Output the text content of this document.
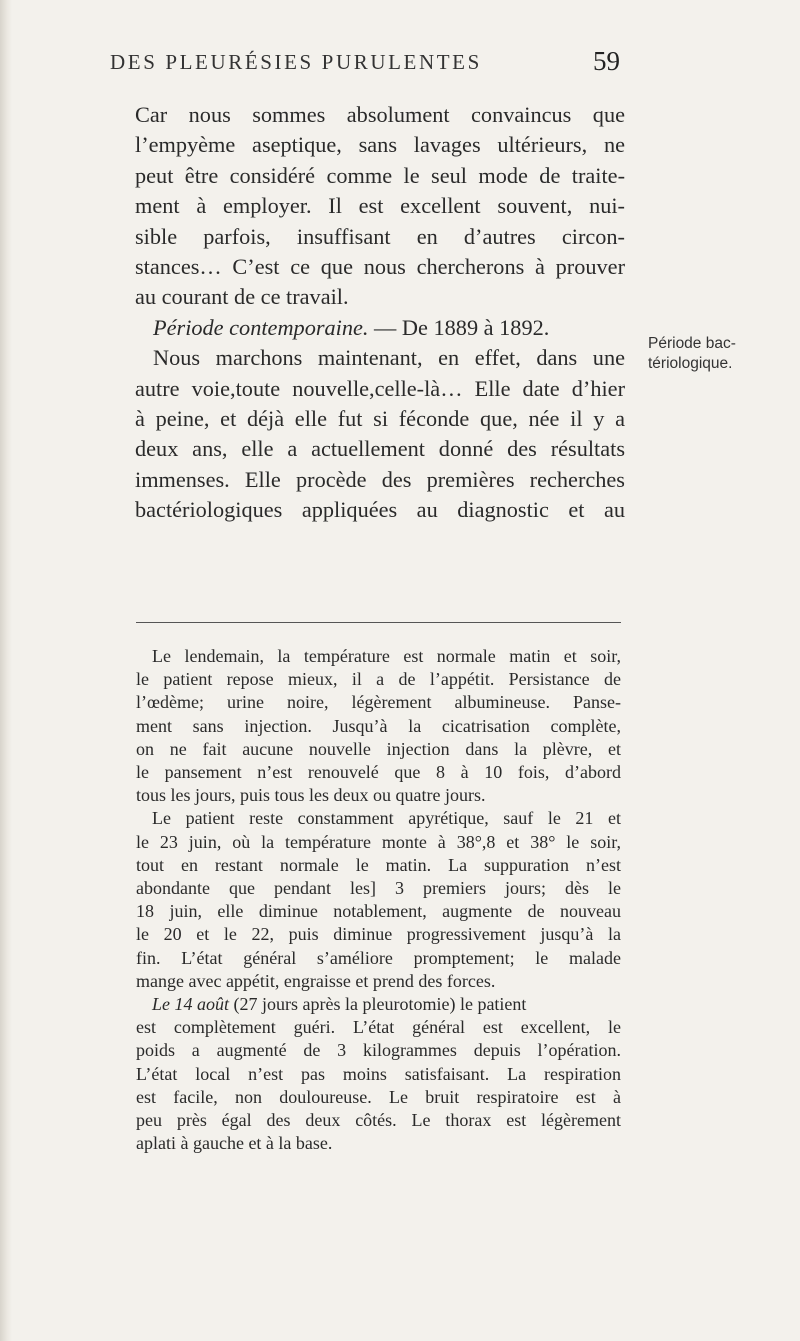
DES PLEURÉSIES PURULENTES	59
Car nous sommes absolument convaincus que
l’empyème aseptique, sans lavages ultérieurs, ne
peut être considéré comme le seul mode de traite-
ment à employer. Il est excellent souvent, nui-
sible parfois, insuffisant en d’autres circon-
stances… C’est ce que nous chercherons à prouver
au courant de ce travail.
Période contemporaine. — De 1889 à 1892.
Nous marchons maintenant, en effet, dans une
autre voie,toute nouvelle,celle-là… Elle date d’hier
à peine, et déjà elle fut si féconde que, née il y a
deux ans, elle a actuellement donné des résultats
immenses. Elle procède des premières recherches
bactériologiques appliquées au diagnostic et au
Période bac-
tériologique.
Le lendemain, la température est normale matin et soir,
le patient repose mieux, il a de l’appétit. Persistance de
l’œdème; urine noire, légèrement albumineuse. Panse-
ment sans injection. Jusqu’à la cicatrisation complète,
on ne fait aucune nouvelle injection dans la plèvre, et
le pansement n’est renouvelé que 8 à 10 fois, d’abord
tous les jours, puis tous les deux ou quatre jours.
Le patient reste constamment apyrétique, sauf le 21 et
le 23 juin, où la température monte à 38°,8 et 38° le soir,
tout en restant normale le matin. La suppuration n’est
abondante que pendant les] 3 premiers jours; dès le
18 juin, elle diminue notablement, augmente de nouveau
le 20 et le 22, puis diminue progressivement jusqu’à la
fin. L’état général s’améliore promptement; le malade
mange avec appétit, engraisse et prend des forces.
Le 14 août (27 jours après la pleurotomie) le patient
est complètement guéri. L’état général est excellent, le
poids a augmenté de 3 kilogrammes depuis l’opération.
L’état local n’est pas moins satisfaisant. La respiration
est facile, non douloureuse. Le bruit respiratoire est à
peu près égal des deux côtés. Le thorax est légèrement
aplati à gauche et à la base.
